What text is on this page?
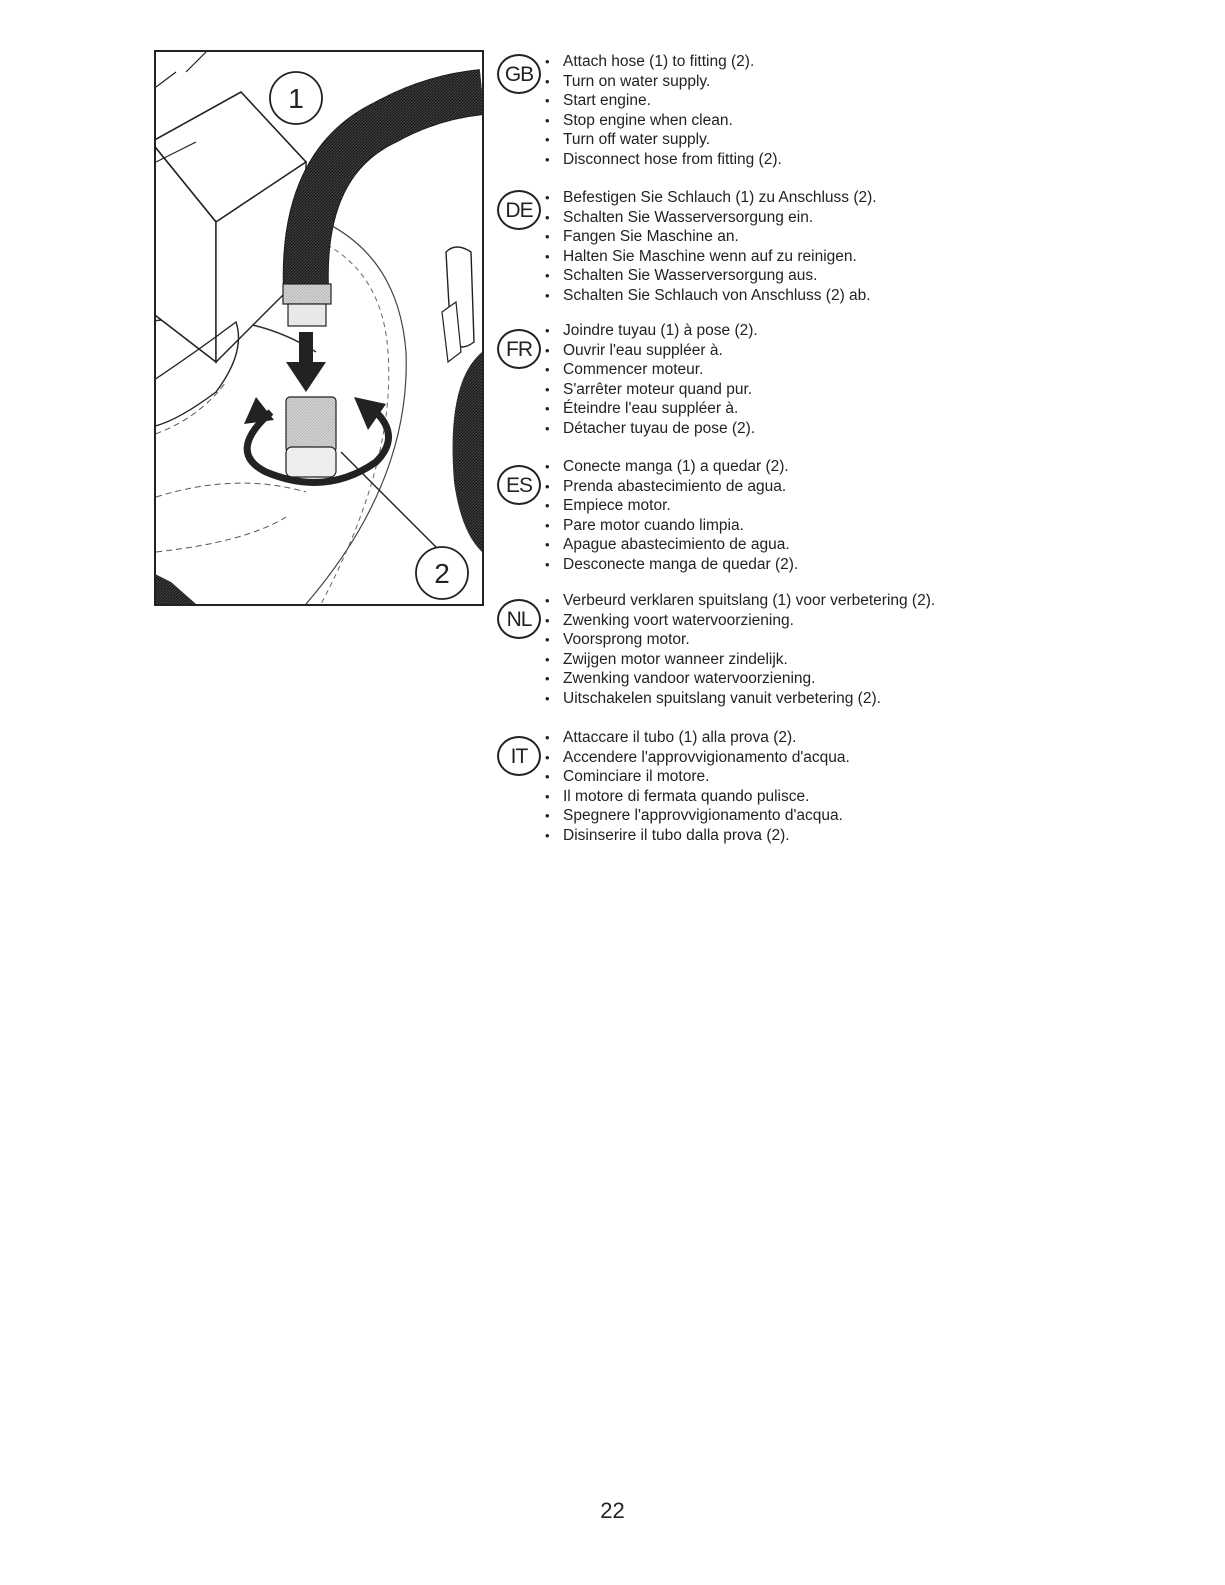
1
2
GB
• Attach hose (1) to fitting (2).
• Turn on water supply.
• Start engine.
• Stop engine when clean.
• Turn off water supply.
• Disconnect hose from fitting (2).
DE
• Befestigen Sie Schlauch (1) zu Anschluss (2).
• Schalten Sie Wasserversorgung ein.
• Fangen Sie Maschine an.
• Halten Sie Maschine wenn auf zu reinigen.
• Schalten Sie Wasserversorgung aus.
• Schalten Sie Schlauch von Anschluss (2) ab.
FR
• Joindre tuyau (1) à pose (2).
• Ouvrir l'eau suppléer à.
• Commencer moteur.
• S'arrêter moteur quand pur.
• Éteindre l'eau suppléer à.
• Détacher tuyau de pose (2).
ES
• Conecte manga (1) a quedar (2).
• Prenda abastecimiento de agua.
• Empiece motor.
• Pare motor cuando limpia.
• Apague abastecimiento de agua.
• Desconecte manga de quedar (2).
NL
• Verbeurd verklaren spuitslang (1) voor verbetering (2).
• Zwenking voort watervoorziening.
• Voorsprong motor.
• Zwijgen motor wanneer zindelijk.
• Zwenking vandoor watervoorziening.
• Uitschakelen spuitslang vanuit verbetering (2).
IT
• Attaccare il tubo (1) alla prova (2).
• Accendere l'approvvigionamento d'acqua.
• Cominciare il motore.
• Il motore di fermata quando pulisce.
• Spegnere l'approvvigionamento d'acqua.
• Disinserire il tubo dalla prova (2).
22
